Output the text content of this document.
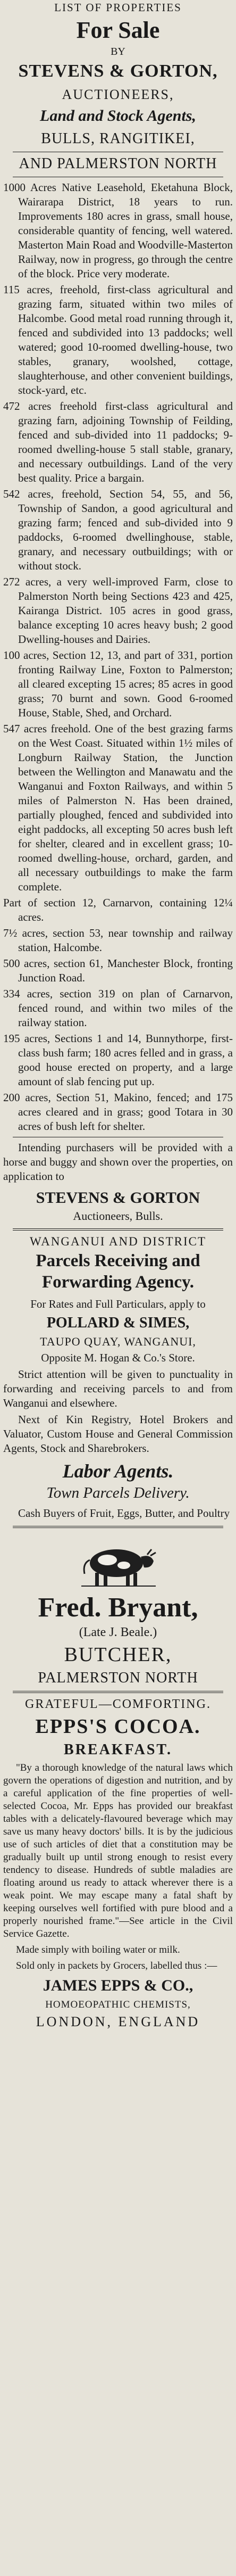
LIST OF PROPERTIES
For Sale
BY
STEVENS & GORTON,
AUCTIONEERS,
Land and Stock Agents,
BULLS, RANGITIKEI,
AND PALMERSTON NORTH

1000 Acres Native Leasehold, Eketahuna Block, Wairarapa District, 18 years to run. Improvements 180 acres in grass, small house, considerable quantity of fencing, well watered. Masterton Main Road and Woodville-Masterton Railway, now in progress, go through the centre of the block. Price very moderate.

115 acres, freehold, first-class agricultural and grazing farm, situated within two miles of Halcombe. Good metal road running through it, fenced and subdivided into 13 paddocks; well watered; good 10-roomed dwelling-house, two stables, granary, woolshed, cottage, slaughterhouse, and other convenient buildings, stock-yard, etc.

472 acres freehold first-class agricultural and grazing farn, adjoining Township of Feilding, fenced and sub-divided into 11 paddocks; 9-roomed dwelling-house 5 stall stable, granary, and necessary outbuildings. Land of the very best quality. Price a bargain.

542 acres, freehold, Section 54, 55, and 56, Township of Sandon, a good agricultural and grazing farm; fenced and sub-divided into 9 paddocks, 6-roomed dwellinghouse, stable, granary, and necessary outbuildings; with or without stock.

272 acres, a very well-improved Farm, close to Palmerston North being Sections 423 and 425, Kairanga District. 105 acres in good grass, balance excepting 10 acres heavy bush; 2 good Dwelling-houses and Dairies.

100 acres, Section 12, 13, and part of 331, portion fronting Railway Line, Foxton to Palmerston; all cleared excepting 15 acres; 85 acres in good grass; 70 burnt and sown. Good 6-roomed House, Stable, Shed, and Orchard.

547 acres freehold. One of the best grazing farms on the West Coast. Situated within 1½ miles of Longburn Railway Station, the Junction between the Wellington and Manawatu and the Wanganui and Foxton Railways, and within 5 miles of Palmerston N. Has been drained, partially ploughed, fenced and subdivided into eight paddocks, all excepting 50 acres bush left for shelter, cleared and in excellent grass; 10-roomed dwelling-house, orchard, garden, and all necessary outbuildings to make the farm complete.

Part of section 12, Carnarvon, containing 12¼ acres.

7½ acres, section 53, near township and railway station, Halcombe.

500 acres, section 61, Manchester Block, fronting Junction Road.

334 acres, section 319 on plan of Carnarvon, fenced round, and within two miles of the railway station.

195 acres, Sections 1 and 14, Bunnythorpe, first-class bush farm; 180 acres felled and in grass, a good house erected on property, and a large amount of slab fencing put up.

200 acres, Section 51, Makino, fenced; and 175 acres cleared and in grass; good Totara in 30 acres of bush left for shelter.

Intending purchasers will be provided with a horse and buggy and shown over the properties, on application to

STEVENS & GORTON
Auctioneers, Bulls.
WANGANUI AND DISTRICT
Parcels Receiving and Forwarding Agency.
For Rates and Full Particulars, apply to
POLLARD & SIMES,
TAUPO QUAY, WANGANUI,
Opposite M. Hogan & Co.'s Store.

Strict attention will be given to punctuality in forwarding and receiving parcels to and from Wanganui and elsewhere.

Next of Kin Registry, Hotel Brokers and Valuator, Custom House and General Commission Agents, Stock and Sharebrokers.

Labor Agents.
Town Parcels Delivery.

Cash Buyers of Fruit, Eggs, Butter, and Poultry

Fred. Bryant,
(Late J. Beale.)
BUTCHER,
PALMERSTON NORTH
GRATEFUL—COMFORTING.
EPPS'S COCOA.
BREAKFAST.

"By a thorough knowledge of the natural laws which govern the operations of digestion and nutrition, and by a careful application of the fine properties of well-selected Cocoa, Mr. Epps has provided our breakfast tables with a delicately-flavoured beverage which may save us many heavy doctors' bills. It is by the judicious use of such articles of diet that a constitution may be gradually built up until strong enough to resist every tendency to disease. Hundreds of subtle maladies are floating around us ready to attack wherever there is a weak point. We may escape many a fatal shaft by keeping ourselves well fortified with pure blood and a properly nourished frame."—See article in the Civil Service Gazette.

Made simply with boiling water or milk.

Sold only in packets by Grocers, labelled thus :—

JAMES EPPS & CO.,
HOMOEOPATHIC CHEMISTS,
LONDON, ENGLAND
